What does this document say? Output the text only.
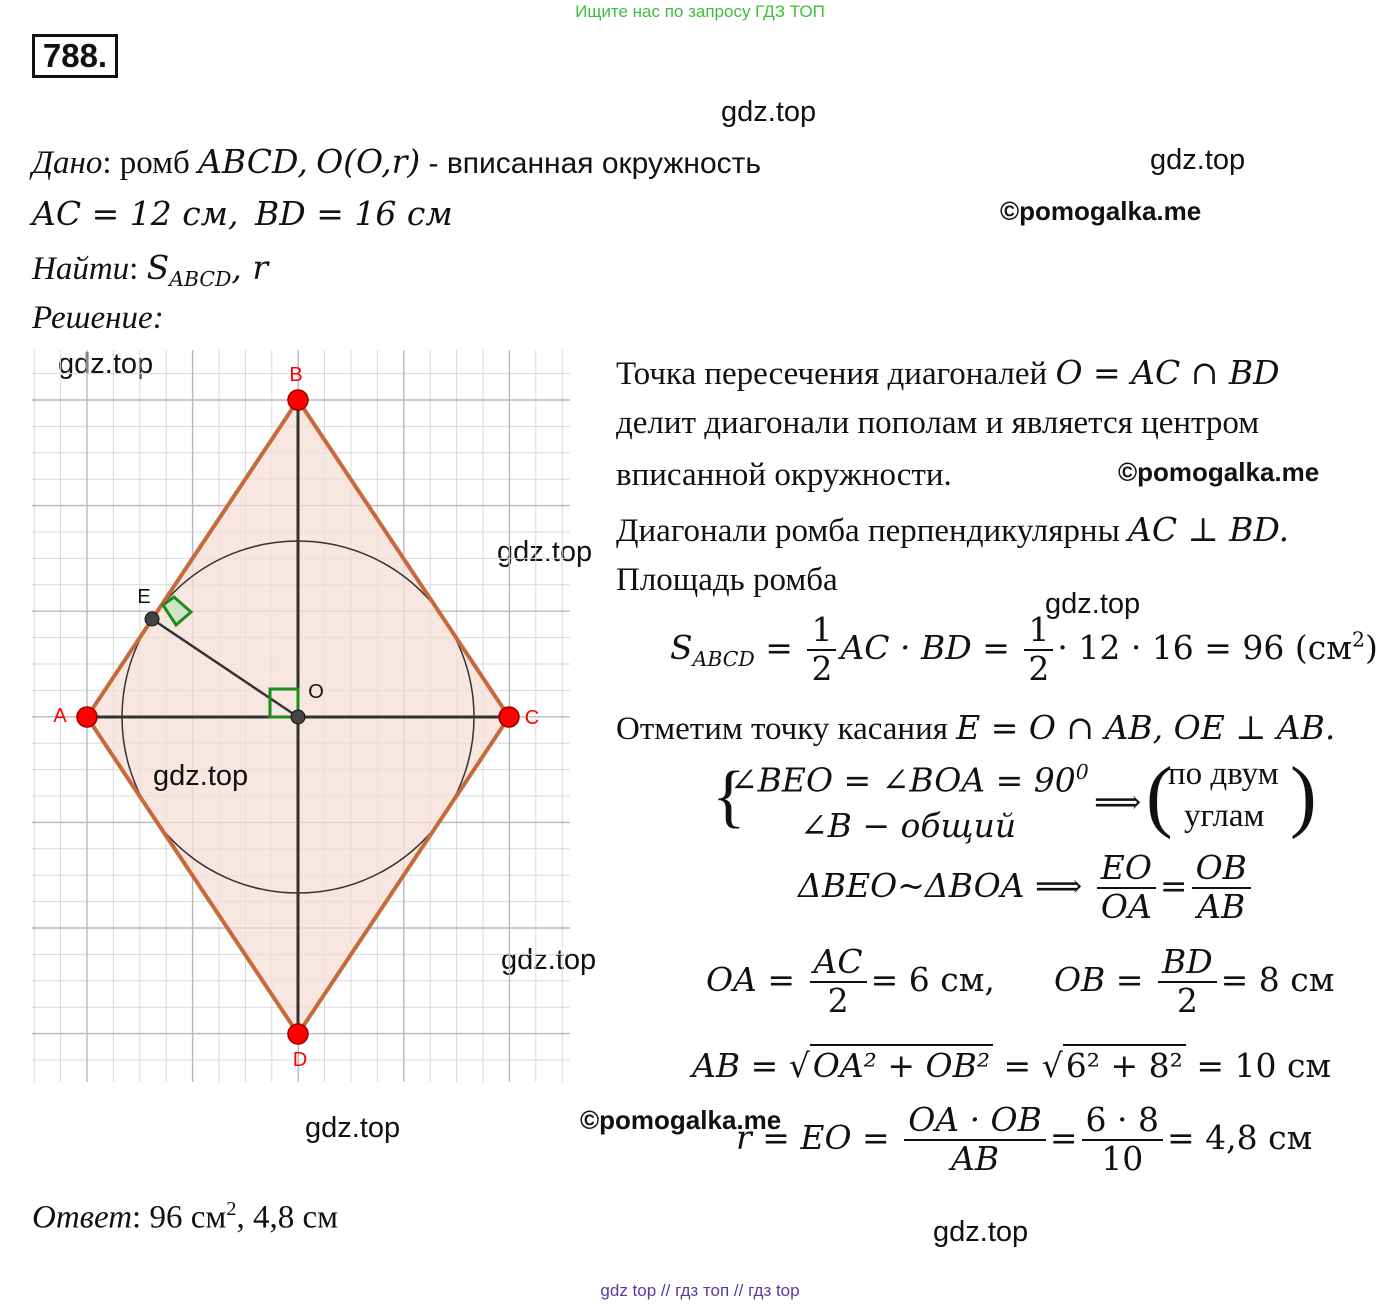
Ищите нас по запросу ГДЗ ТОП
788.
gdz.top
gdz.top
©pomogalka.me
gdz.top
©pomogalka.me
gdz.top
gdz.top
gdz.top
©pomogalka.me
gdz.top
gdz.top
Дано: ромб ABCD, O(O,r) - вписанная окружность
AC = 12 см, BD = 16 см
Найти: $S_{ABCD}$, r
Решение:
B
C
D
A
E
O
gdz.top
Точка пересечения диагоналей O = AC ∩ BD
делит диагонали пополам и является центром
вписанной окружности.
Диагонали ромба перпендикулярны AC ⊥ BD.
Площадь ромба
$S_{ABCD} = \frac{1}{2}$ AC · BD = $\frac{1}{2} \cdot 12 \cdot 16 = 96$ $(см^2)$
Отметим точку касания E = O ∩ AB, OE ⊥ AB.
{
∠BEO = ∠BOA = $90^0$
∠B − общий
⟹ (
по двум
углам )
ΔBEO~ΔBOA ⟹ $\frac{EO}{OA} = \frac{OB}{AB}$
OA = $\frac{AC}{2} = 6$ см, OB = $\frac{BD}{2} = 8$ см
AB = √OA² + OB² = √6² + 8² = 10 см
r = EO = $\frac{OA \cdot OB}{AB} = \frac{6 \cdot 8}{10} = 4,8$ см
Ответ: 96 $см^2$, 4,8 см
gdz top // гдз топ // гдз top
